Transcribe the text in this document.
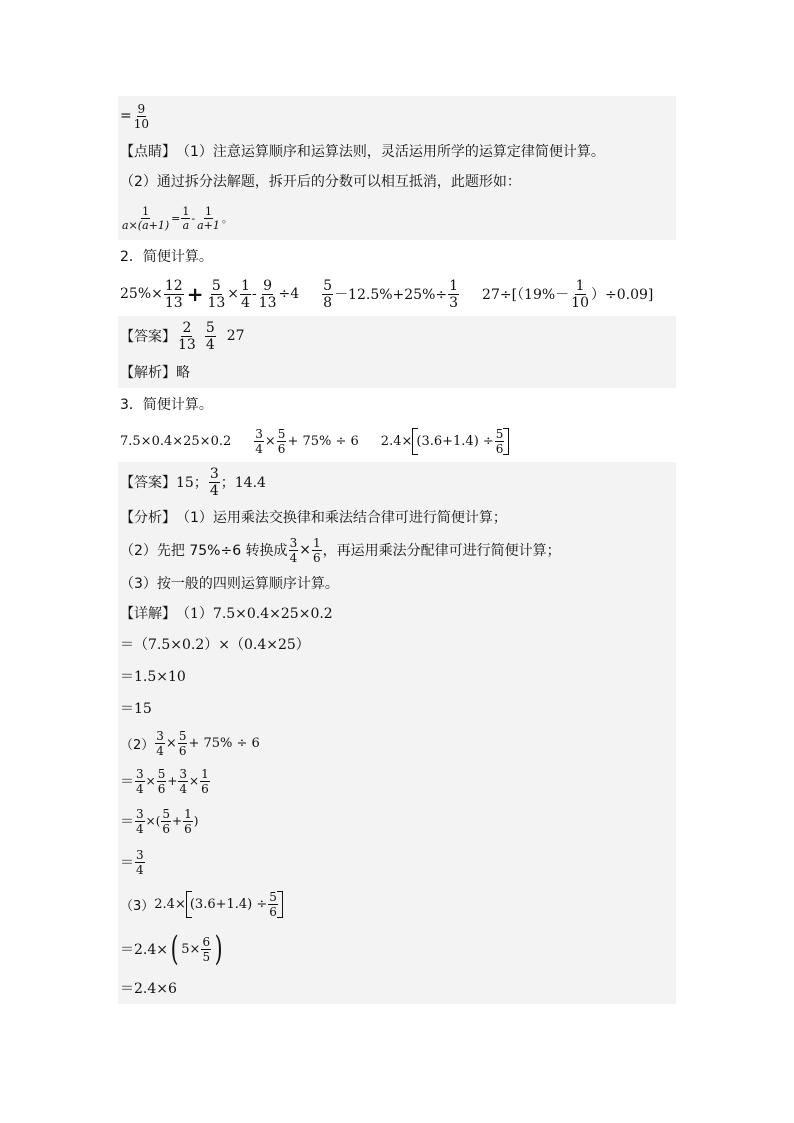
= $\frac{9}{10}$
【点睛】 （1）注意运算顺序和运算法则，灵活运用所学的运算定律简便计算。
（2）通过拆分法解题，拆开后的分数可以相互抵消，此题形如：
$\frac{1}{a\times(a+1)} = \frac{1}{a} - \frac{1}{a+1}$ 。
2．简便计算。
$25\%\times \frac{12}{13} + \frac{5}{13} \times \frac{1}{4} - \frac{9}{13} \div 4 \frac{5}{8} -12.5\%+25\%\div \frac{1}{3} 27\div[(19\%- \frac{1}{10} )\div 0.09]$
【答案】 $\frac{2}{13} \frac{5}{4} 27$
【解析】 略
3．简便计算。
$7.5\times 0.4\times 25\times 0.2 \frac{3}{4} \times \frac{5}{6} + 75\% \div 6$ $2.4\times (3.6+1.4) \div \frac{5}{6}$
【答案】 15； $\frac{3}{4}$ ；14.4
【分析】 （1）运用乘法交换律和乘法结合律可进行简便计算；
（2）先把 75%÷6 转换成 $\frac{3}{4} \times \frac{1}{6}$ ，再运用乘法分配律可进行简便计算；
（3）按一般的四则运算顺序计算。
【详解】 （1）7.5×0.4×25×0.2
＝（7.5×0.2）×（0.4×25）
＝1.5×10
＝15
$(2) \frac{3}{4} \times \frac{5}{6} + 75\% \div 6$
＝ $\frac{3}{4} \times \frac{5}{6} + \frac{3}{4} \times \frac{1}{6}$
＝ $\frac{3}{4}$ ×( $\frac{5}{6} + \frac{1}{6}$ )
＝ $\frac{3}{4}$
（3） $2.4\times (3.6+1.4) \div \frac{5}{6}$
＝2.4× ( $5\times \frac{6}{5}$ )
＝2.4×6
